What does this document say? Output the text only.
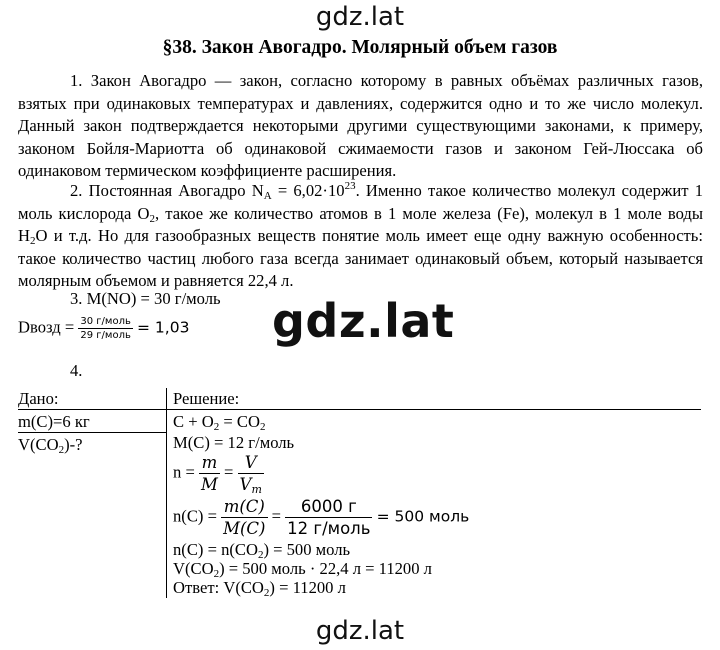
gdz.lat
§38. Закон Авогадро. Молярный объем газов

1. Закон Авогадро — закон, согласно которому в равных объёмах различных газов, взятых при одинаковых температурах и давлениях, содержится одно и то же число молекул. Данный закон подтверждается некоторыми другими существующими законами, к примеру, законом Бойля-Мариотта об одинаковой сжимаемости газов и законом Гей-Люссака об одинаковом термическом коэффициенте расширения.

2. Постоянная Авогадро $N_A = 6,02\cdot 10^{23}$. Именно такое количество молекул содержит 1 моль кислорода $O_2$, такое же количество атомов в 1 моле железа (Fe), молекул в 1 моле воды $H_2O$ и т.д. Но для газообразных веществ понятие моль имеет еще одну важную особенность: такое количество частиц любого газа всегда занимает одинаковый объем, который называется молярным объемом и равняется 22,4 л.

3. M(NO) = 30 г/моль
Dвозд = $\frac{\text{30 г/моль}}{\text{29 г/моль}} = 1,03$ gdz.lat
4.
Дано:	Решение:
m(C)=6 кг
$V(CO_2)-$?
$C + O_2 = CO_2$
M(C) = 12 г/моль
$n = \frac{m}{M} = \frac{V}{V_m}$
$n(C) = \frac{m(C)}{M(C)} = \frac{6000 г}{\text{12 г/моль}} = 500$ моль
$n(C) = n(CO_2) = 500$ моль
$V(CO_2) = 500$ моль · 22,4 л = 11200 л
Ответ: $V(CO_2) = 11200$ л
gdz.lat
